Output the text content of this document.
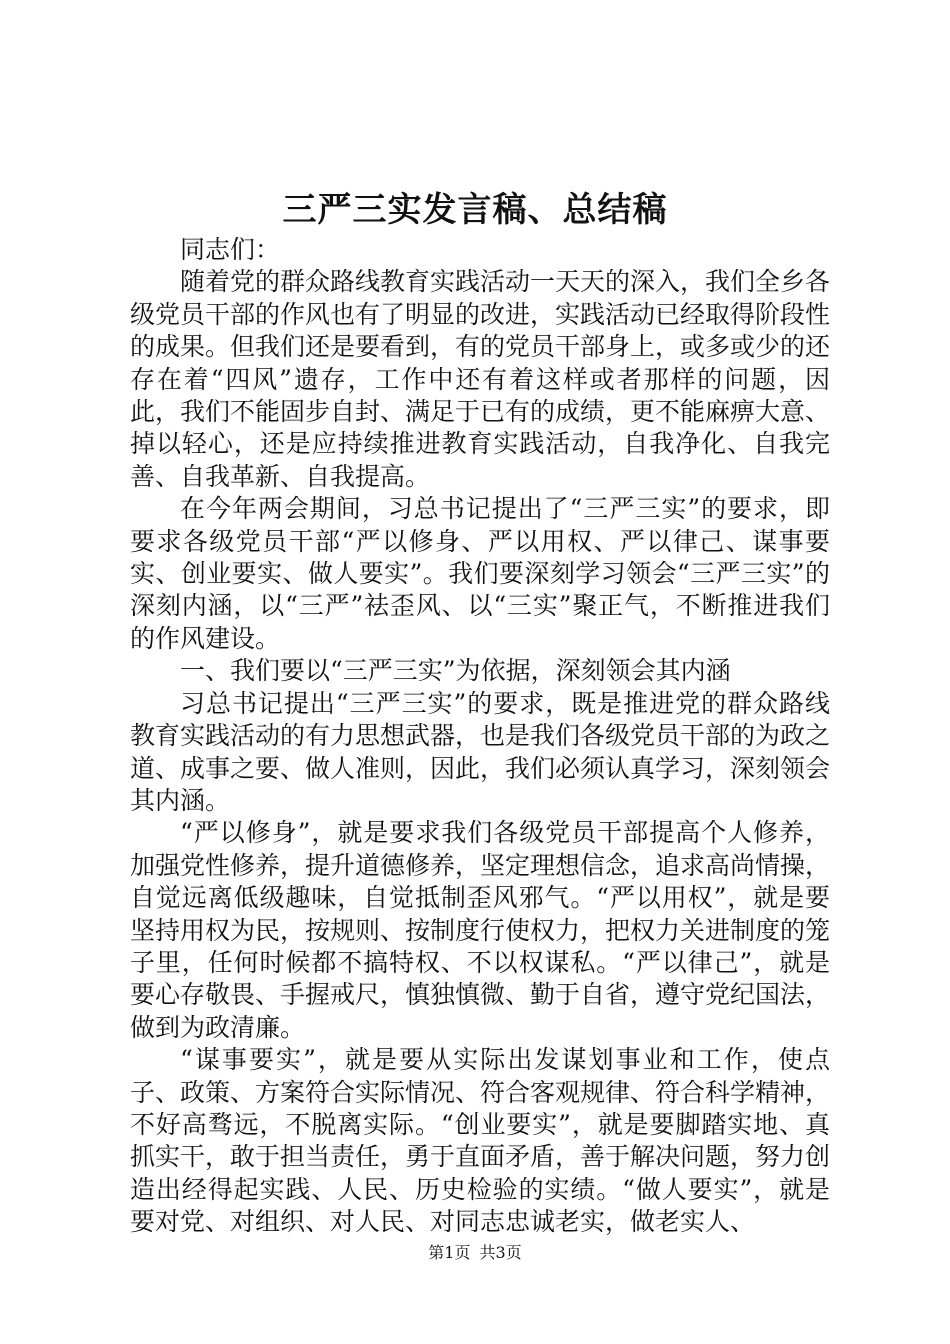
三严三实发言稿、总结稿

同志们：

随着党的群众路线教育实践活动一天天的深入，我们全乡各级党员干部的作风也有了明显的改进，实践活动已经取得阶段性的成果。但我们还是要看到，有的党员干部身上，或多或少的还存在着“四风”遗存，工作中还有着这样或者那样的问题，因此，我们不能固步自封、满足于已有的成绩，更不能麻痹大意、掉以轻心，还是应持续推进教育实践活动，自我净化、自我完善、自我革新、自我提高。

在今年两会期间，习总书记提出了“三严三实”的要求，即要求各级党员干部“严以修身、严以用权、严以律己、谋事要实、创业要实、做人要实”。我们要深刻学习领会“三严三实”的深刻内涵，以“三严”祛歪风、以“三实”聚正气，不断推进我们的作风建设。

一、我们要以“三严三实”为依据，深刻领会其内涵

习总书记提出“三严三实”的要求，既是推进党的群众路线教育实践活动的有力思想武器，也是我们各级党员干部的为政之道、成事之要、做人准则，因此，我们必须认真学习，深刻领会其内涵。

“严以修身”，就是要求我们各级党员干部提高个人修养，加强党性修养，提升道德修养，坚定理想信念，追求高尚情操，自觉远离低级趣味，自觉抵制歪风邪气。“严以用权”，就是要坚持用权为民，按规则、按制度行使权力，把权力关进制度的笼子里，任何时候都不搞特权、不以权谋私。“严以律己”，就是要心存敬畏、手握戒尺，慎独慎微、勤于自省，遵守党纪国法，做到为政清廉。

“谋事要实”，就是要从实际出发谋划事业和工作，使点子、政策、方案符合实际情况、符合客观规律、符合科学精神，不好高骛远，不脱离实际。“创业要实”，就是要脚踏实地、真抓实干，敢于担当责任，勇于直面矛盾，善于解决问题，努力创造出经得起实践、人民、历史检验的实绩。“做人要实”，就是要对党、对组织、对人民、对同志忠诚老实，做老实人、

第1页 共3页
